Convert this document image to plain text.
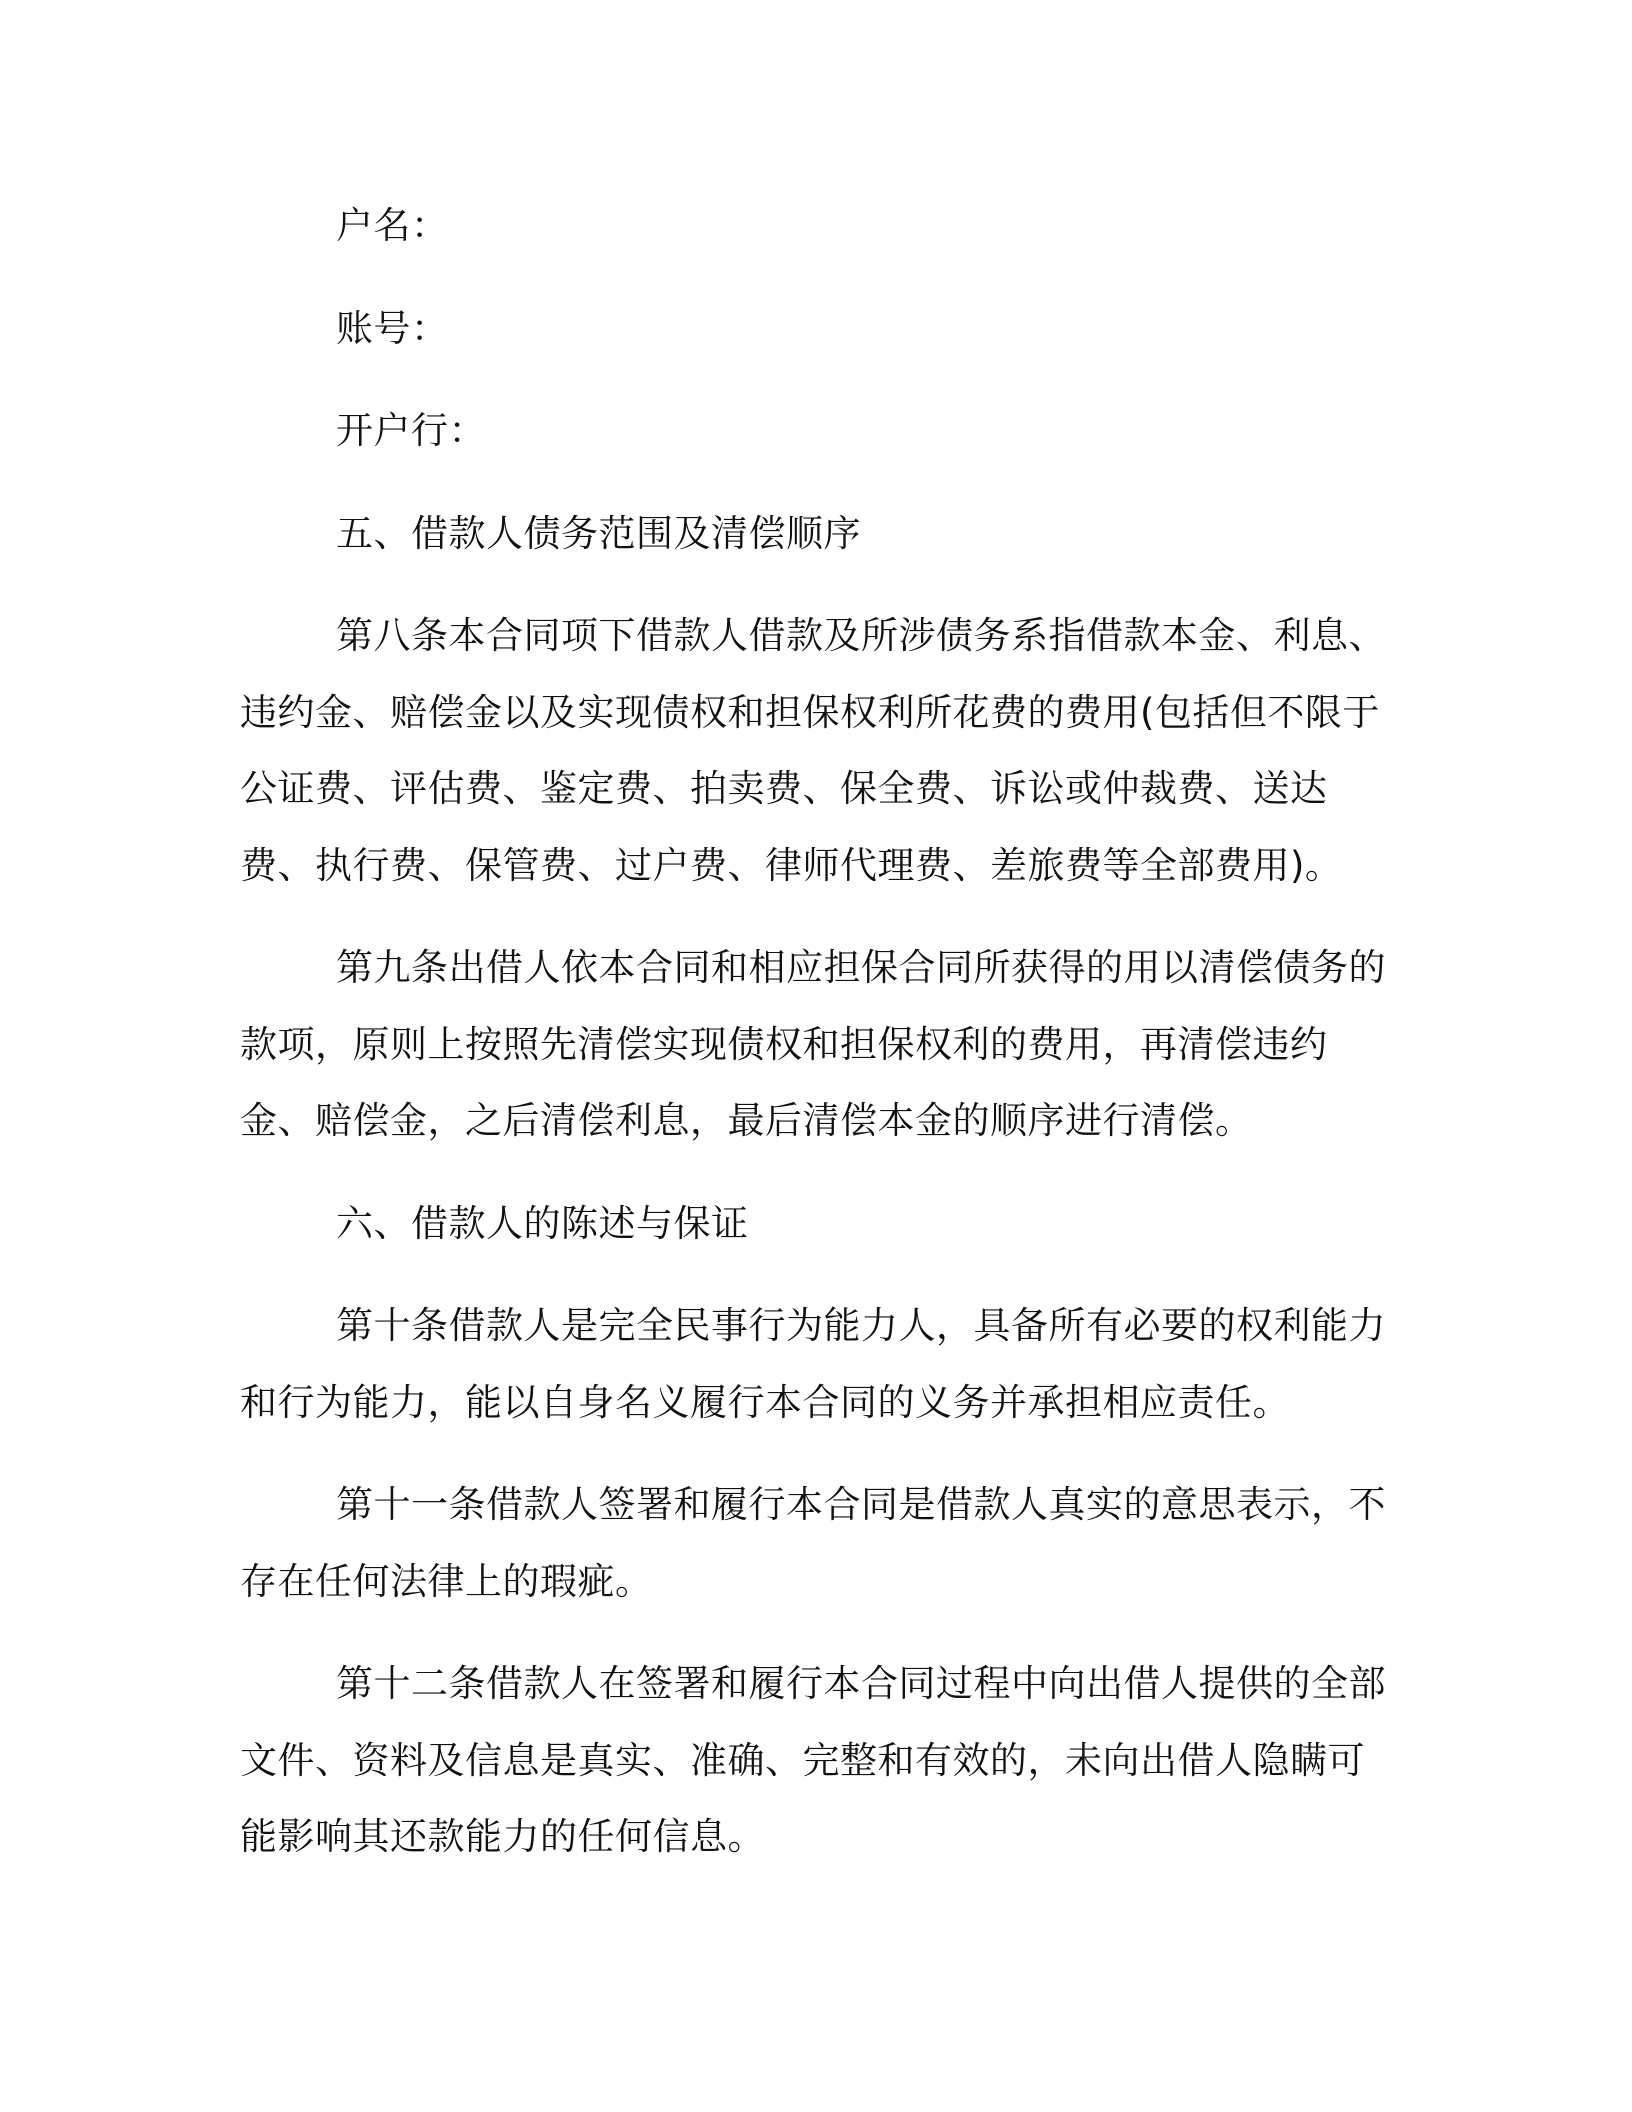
户名：

账号：

开户行：

五、借款人债务范围及清偿顺序

第八条本合同项下借款人借款及所涉债务系指借款本金、利息、违约金、赔偿金以及实现债权和担保权利所花费的费用(包括但不限于公证费、评估费、鉴定费、拍卖费、保全费、诉讼或仲裁费、送达费、执行费、保管费、过户费、律师代理费、差旅费等全部费用)。

第九条出借人依本合同和相应担保合同所获得的用以清偿债务的款项，原则上按照先清偿实现债权和担保权利的费用，再清偿违约金、赔偿金，之后清偿利息，最后清偿本金的顺序进行清偿。

六、借款人的陈述与保证

第十条借款人是完全民事行为能力人，具备所有必要的权利能力和行为能力，能以自身名义履行本合同的义务并承担相应责任。

第十一条借款人签署和履行本合同是借款人真实的意思表示，不存在任何法律上的瑕疵。

第十二条借款人在签署和履行本合同过程中向出借人提供的全部文件、资料及信息是真实、准确、完整和有效的，未向出借人隐瞒可能影响其还款能力的任何信息。
